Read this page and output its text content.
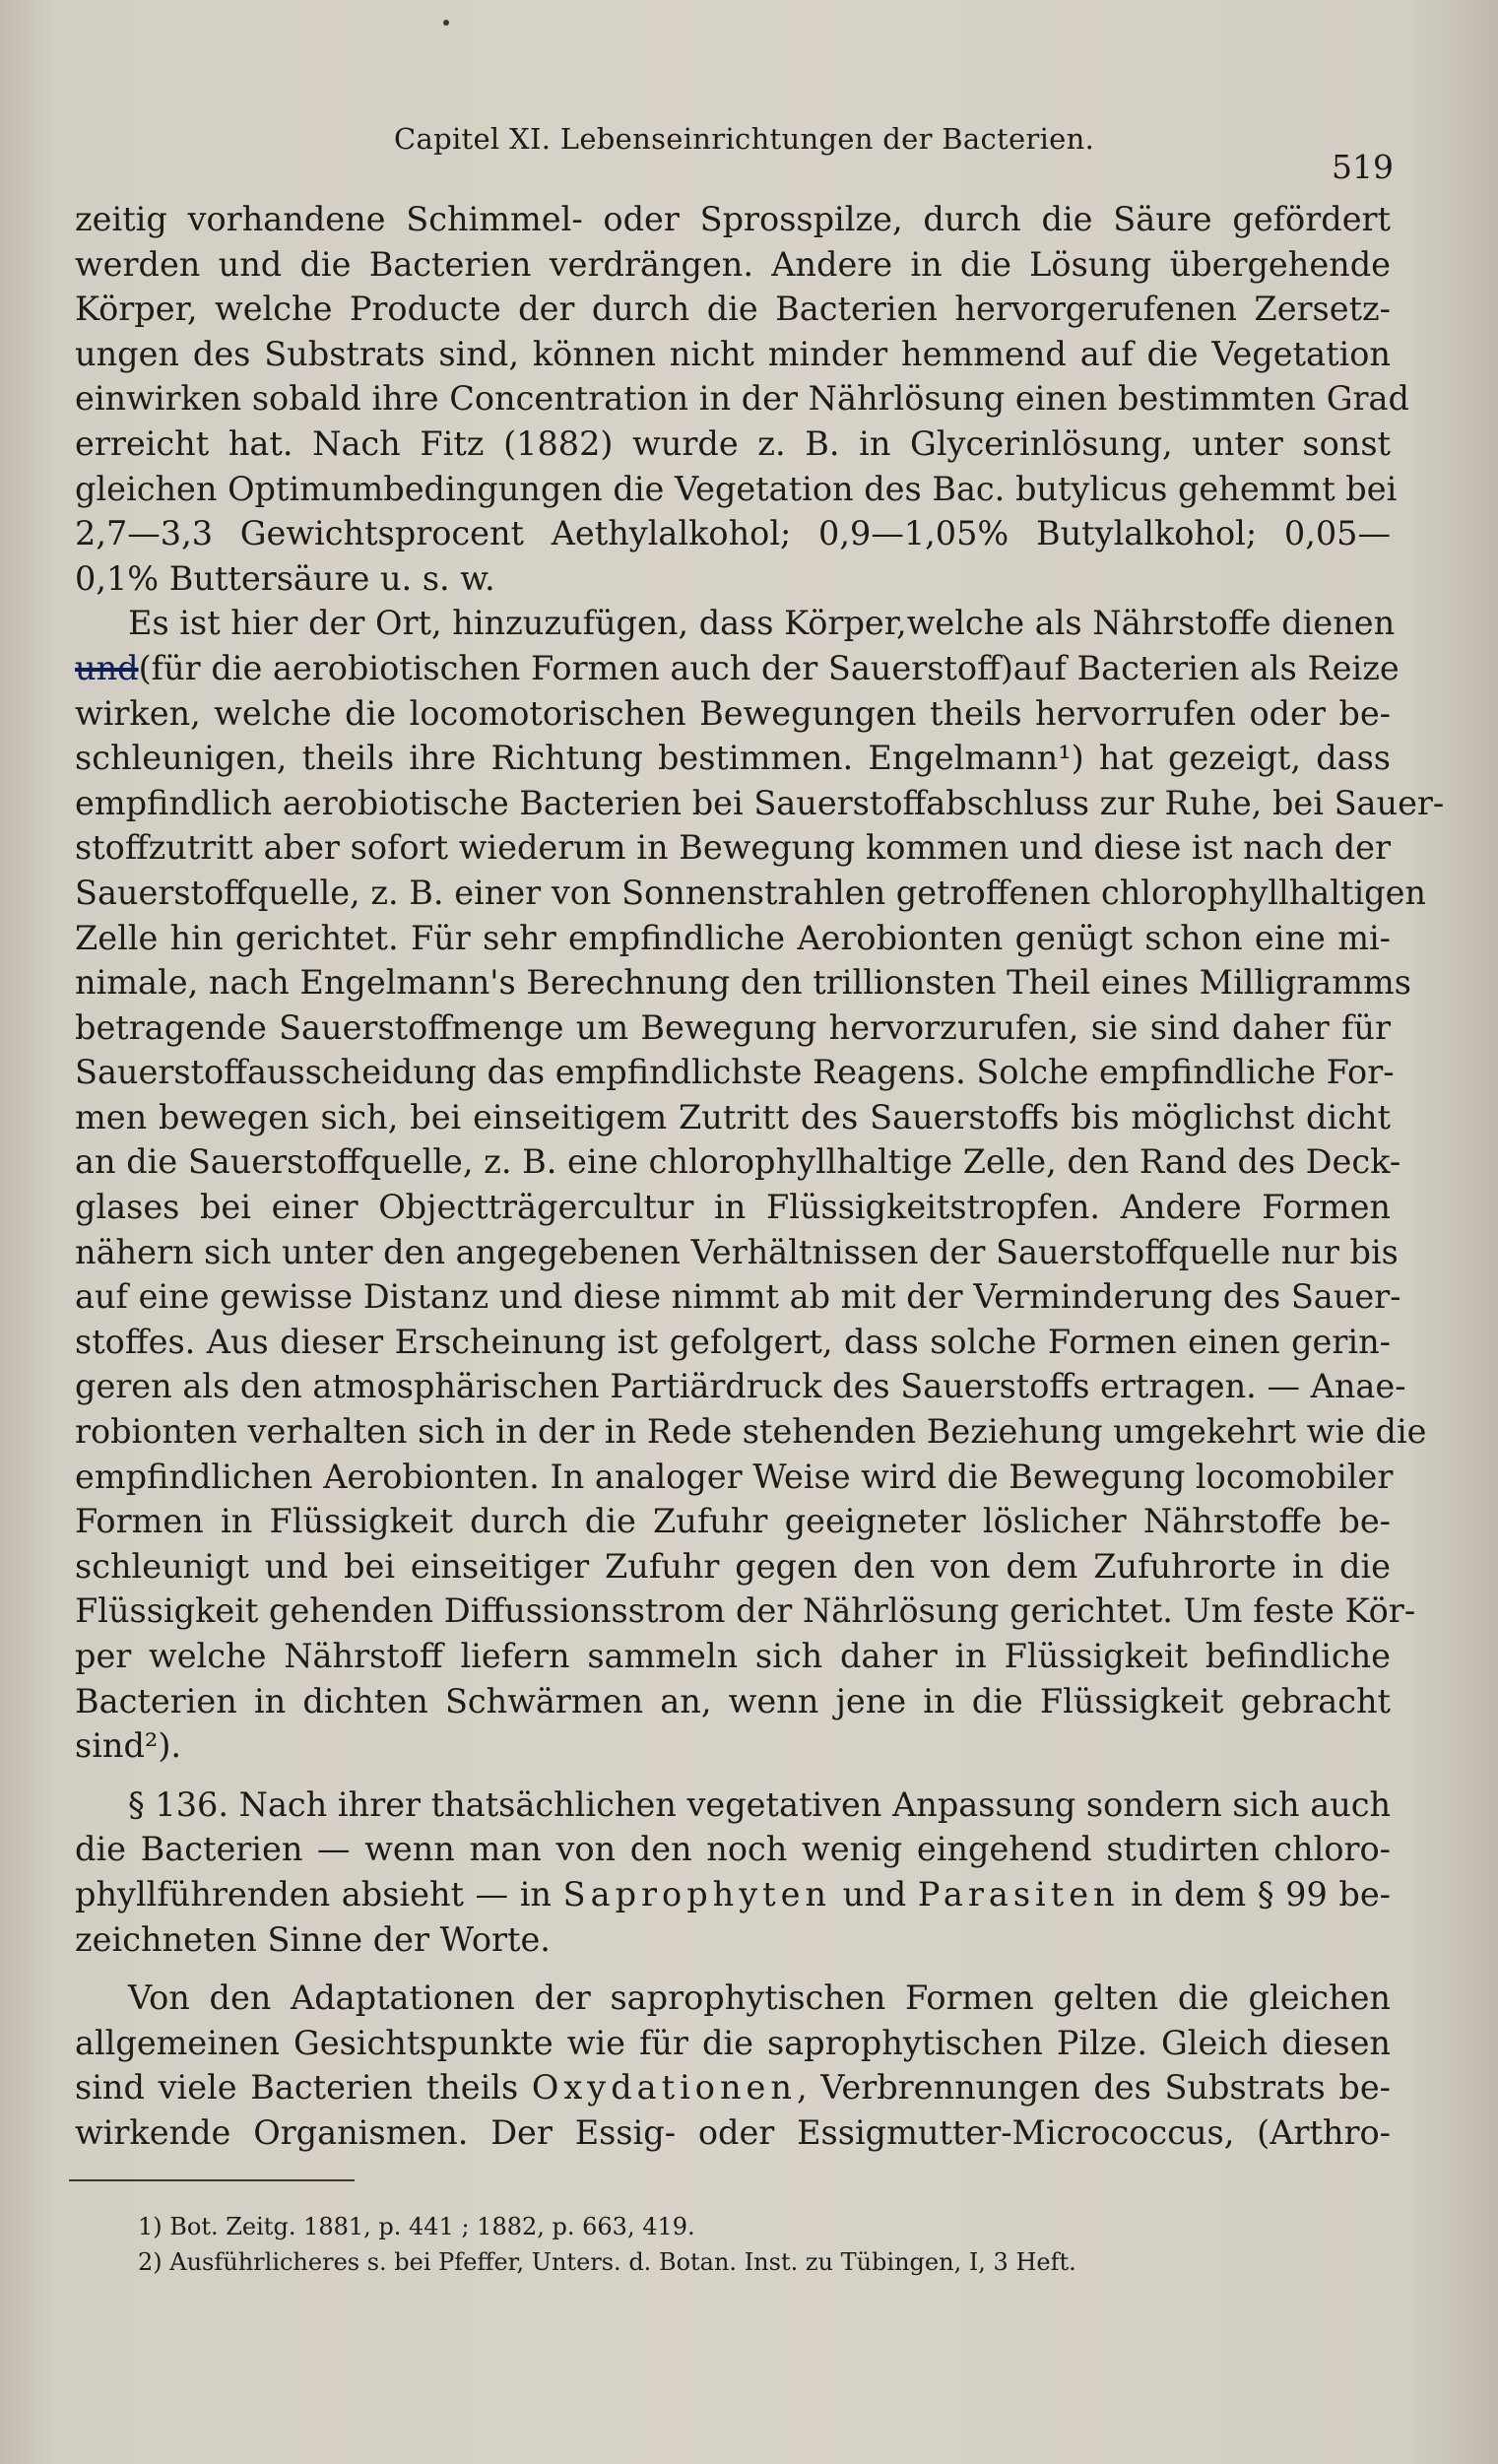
Capitel XI. Lebenseinrichtungen der Bacterien.
519
zeitig vorhandene Schimmel- oder Sprosspilze, durch die Säure gefördert
werden und die Bacterien verdrängen. Andere in die Lösung übergehende
Körper, welche Producte der durch die Bacterien hervorgerufenen Zersetz-
ungen des Substrats sind, können nicht minder hemmend auf die Vegetation
einwirken sobald ihre Concentration in der Nährlösung einen bestimmten Grad
erreicht hat. Nach Fitz (1882) wurde z. B. in Glycerinlösung, unter sonst
gleichen Optimumbedingungen die Vegetation des Bac. butylicus gehemmt bei
2,7—3,3 Gewichtsprocent Aethylalkohol; 0,9—1,05% Butylalkohol; 0,05—
0,1% Buttersäure u. s. w.
Es ist hier der Ort, hinzuzufügen, dass Körper,welche als Nährstoffe dienen
und(für die aerobiotischen Formen auch der Sauerstoff)auf Bacterien als Reize
wirken, welche die locomotorischen Bewegungen theils hervorrufen oder be-
schleunigen, theils ihre Richtung bestimmen. Engelmann¹) hat gezeigt, dass
empfindlich aerobiotische Bacterien bei Sauerstoffabschluss zur Ruhe, bei Sauer-
stoffzutritt aber sofort wiederum in Bewegung kommen und diese ist nach der
Sauerstoffquelle, z. B. einer von Sonnenstrahlen getroffenen chlorophyllhaltigen
Zelle hin gerichtet. Für sehr empfindliche Aerobionten genügt schon eine mi-
nimale, nach Engelmann's Berechnung den trillionsten Theil eines Milligramms
betragende Sauerstoffmenge um Bewegung hervorzurufen, sie sind daher für
Sauerstoffausscheidung das empfindlichste Reagens. Solche empfindliche For-
men bewegen sich, bei einseitigem Zutritt des Sauerstoffs bis möglichst dicht
an die Sauerstoffquelle, z. B. eine chlorophyllhaltige Zelle, den Rand des Deck-
glases bei einer Objectträgercultur in Flüssigkeitstropfen. Andere Formen
nähern sich unter den angegebenen Verhältnissen der Sauerstoffquelle nur bis
auf eine gewisse Distanz und diese nimmt ab mit der Verminderung des Sauer-
stoffes. Aus dieser Erscheinung ist gefolgert, dass solche Formen einen gerin-
geren als den atmosphärischen Partiärdruck des Sauerstoffs ertragen. — Anae-
robionten verhalten sich in der in Rede stehenden Beziehung umgekehrt wie die
empfindlichen Aerobionten. In analoger Weise wird die Bewegung locomobiler
Formen in Flüssigkeit durch die Zufuhr geeigneter löslicher Nährstoffe be-
schleunigt und bei einseitiger Zufuhr gegen den von dem Zufuhrorte in die
Flüssigkeit gehenden Diffussionsstrom der Nährlösung gerichtet. Um feste Kör-
per welche Nährstoff liefern sammeln sich daher in Flüssigkeit befindliche
Bacterien in dichten Schwärmen an, wenn jene in die Flüssigkeit gebracht
sind²).
§ 136. Nach ihrer thatsächlichen vegetativen Anpassung sondern sich auch
die Bacterien — wenn man von den noch wenig eingehend studirten chloro-
phyllführenden absieht — in Saprophyten und Parasiten in dem § 99 be-
zeichneten Sinne der Worte.
Von den Adaptationen der saprophytischen Formen gelten die gleichen
allgemeinen Gesichtspunkte wie für die saprophytischen Pilze. Gleich diesen
sind viele Bacterien theils Oxydationen, Verbrennungen des Substrats be-
wirkende Organismen. Der Essig- oder Essigmutter-Micrococcus, (Arthro-
1) Bot. Zeitg. 1881, p. 441 ; 1882, p. 663, 419.
2) Ausführlicheres s. bei Pfeffer, Unters. d. Botan. Inst. zu Tübingen, I, 3 Heft.
